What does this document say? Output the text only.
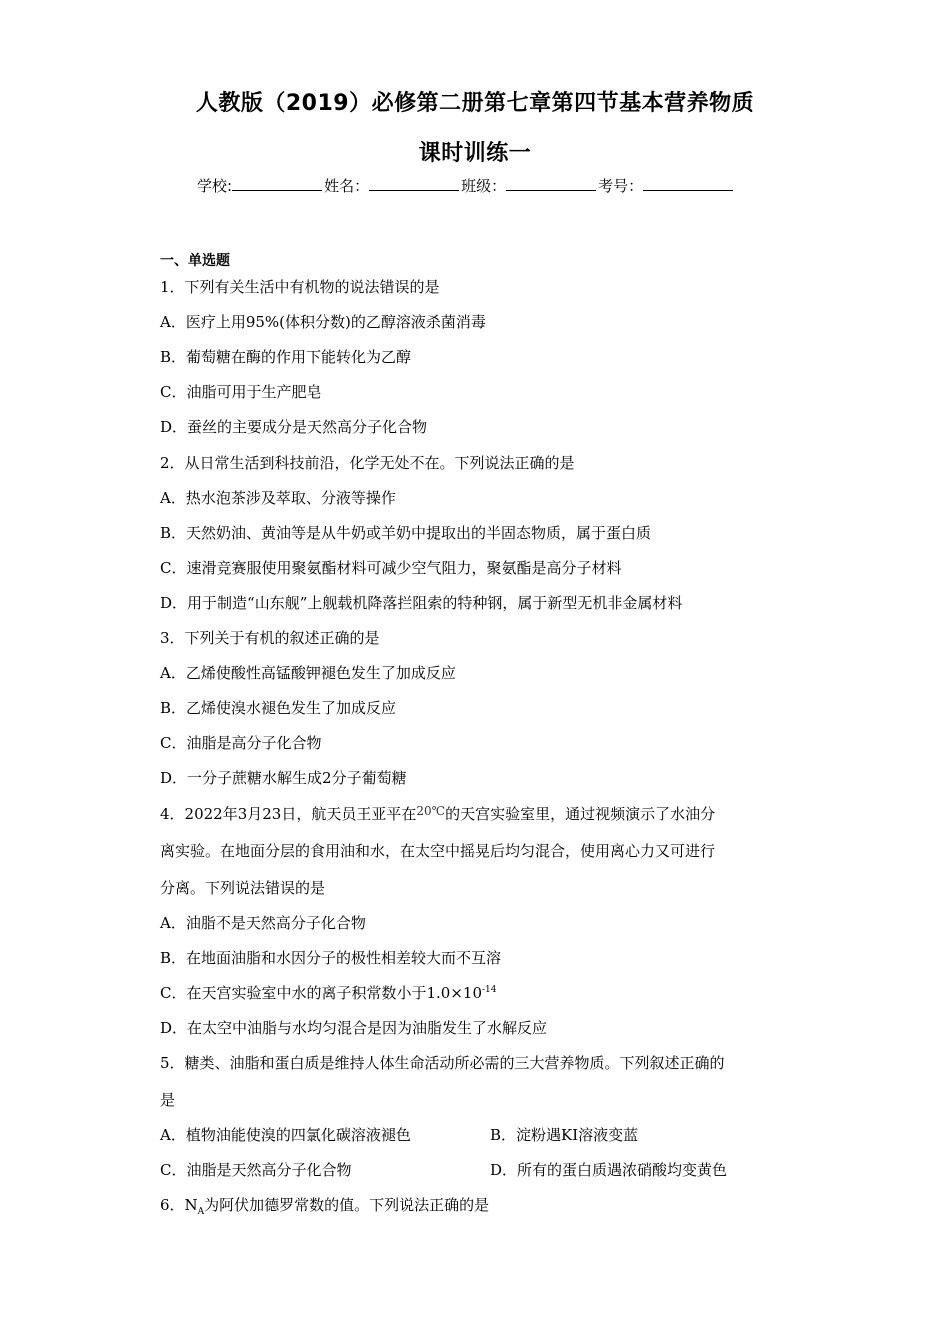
人教版（2019）必修第二册第七章第四节基本营养物质
课时训练一
学校:	姓名：	班级：	考号：
一、单选题
1．下列有关生活中有机物的说法错误的是
A．医疗上用95%(体积分数)的乙醇溶液杀菌消毒
B．葡萄糖在酶的作用下能转化为乙醇
C．油脂可用于生产肥皂
D．蚕丝的主要成分是天然高分子化合物
2．从日常生活到科技前沿，化学无处不在。下列说法正确的是
A．热水泡茶涉及萃取、分液等操作
B．天然奶油、黄油等是从牛奶或羊奶中提取出的半固态物质，属于蛋白质
C．速滑竞赛服使用聚氨酯材料可减少空气阻力，聚氨酯是高分子材料
D．用于制造“山东舰”上舰载机降落拦阻索的特种钢，属于新型无机非金属材料
3．下列关于有机的叙述正确的是
A．乙烯使酸性高锰酸钾褪色发生了加成反应
B．乙烯使溴水褪色发生了加成反应
C．油脂是高分子化合物
D．一分子蔗糖水解生成2分子葡萄糖
4．2022年3月23日，航天员王亚平在$^{20℃}$的天宫实验室里，通过视频演示了水油分
离实验。在地面分层的食用油和水，在太空中摇晃后均匀混合，使用离心力又可进行
分离。下列说法错误的是
A．油脂不是天然高分子化合物
B．在地面油脂和水因分子的极性相差较大而不互溶
C．在天宫实验室中水的离子积常数小于$1.0\times 10^{-14}$
D．在太空中油脂与水均匀混合是因为油脂发生了水解反应
5．糖类、油脂和蛋白质是维持人体生命活动所必需的三大营养物质。下列叙述正确的
是
A．植物油能使溴的四氯化碳溶液褪色	B．淀粉遇KI溶液变蓝
C．油脂是天然高分子化合物	D．所有的蛋白质遇浓硝酸均变黄色
6．$N_A$为阿伏加德罗常数的值。下列说法正确的是
